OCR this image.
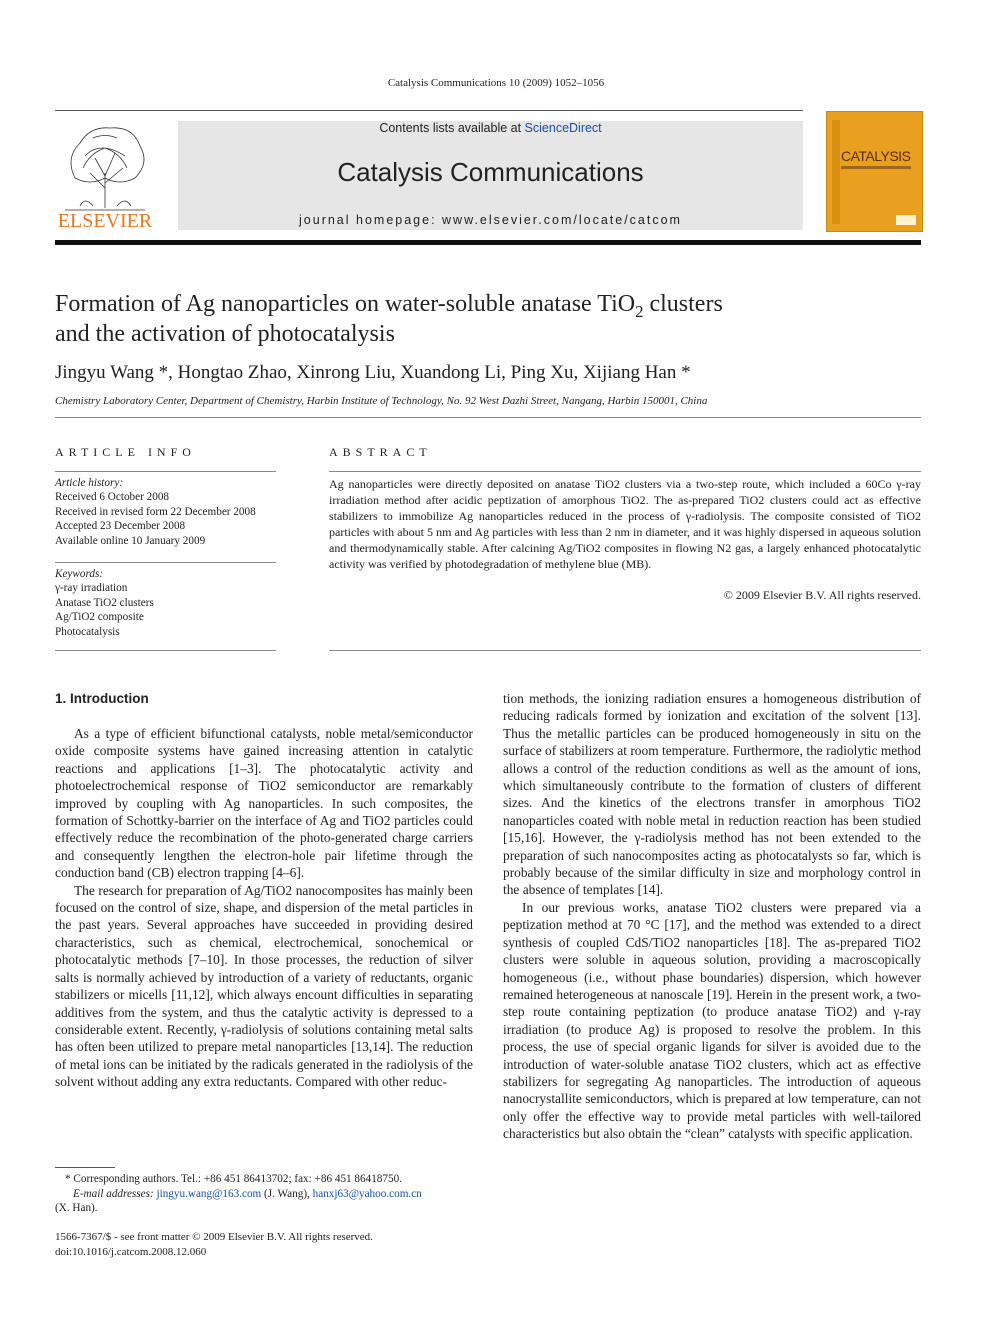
Catalysis Communications 10 (2009) 1052–1056
ELSEVIER
Contents lists available at ScienceDirect
Catalysis Communications
journal homepage: www.elsevier.com/locate/catcom
CATALYSIS
Formation of Ag nanoparticles on water-soluble anatase TiO$_2$ clusters
and the activation of photocatalysis
Jingyu Wang *, Hongtao Zhao, Xinrong Liu, Xuandong Li, Ping Xu, Xijiang Han *
Chemistry Laboratory Center, Department of Chemistry, Harbin Institute of Technology, No. 92 West Dazhi Street, Nangang, Harbin 150001, China
ARTICLE INFO
Article history:
Received 6 October 2008
Received in revised form 22 December 2008
Accepted 23 December 2008
Available online 10 January 2009
Keywords:
γ-ray irradiation
Anatase TiO2 clusters
Ag/TiO2 composite
Photocatalysis
ABSTRACT
Ag nanoparticles were directly deposited on anatase TiO2 clusters via a two-step route, which included a 60Co γ-ray irradiation method after acidic peptization of amorphous TiO2. The as-prepared TiO2 clusters could act as effective stabilizers to immobilize Ag nanoparticles reduced in the process of γ-radiolysis. The composite consisted of TiO2 particles with about 5 nm and Ag particles with less than 2 nm in diameter, and it was highly dispersed in aqueous solution and thermodynamically stable. After calcining Ag/TiO2 composites in flowing N2 gas, a largely enhanced photocatalytic activity was verified by photodegradation of methylene blue (MB).
© 2009 Elsevier B.V. All rights reserved.
1. Introduction

As a type of efficient bifunctional catalysts, noble metal/semiconductor oxide composite systems have gained increasing attention in catalytic reactions and applications [1–3]. The photocatalytic activity and photoelectrochemical response of TiO2 semiconductor are remarkably improved by coupling with Ag nanoparticles. In such composites, the formation of Schottky-barrier on the interface of Ag and TiO2 particles could effectively reduce the recombination of the photo-generated charge carriers and consequently lengthen the electron-hole pair lifetime through the conduction band (CB) electron trapping [4–6].

The research for preparation of Ag/TiO2 nanocomposites has mainly been focused on the control of size, shape, and dispersion of the metal particles in the past years. Several approaches have succeeded in providing desired characteristics, such as chemical, electrochemical, sonochemical or photocatalytic methods [7–10]. In those processes, the reduction of silver salts is normally achieved by introduction of a variety of reductants, organic stabilizers or micells [11,12], which always encount difficulties in separating additives from the system, and thus the catalytic activity is depressed to a considerable extent. Recently, γ-radiolysis of solutions containing metal salts has often been utilized to prepare metal nanoparticles [13,14]. The reduction of metal ions can be initiated by the radicals generated in the radiolysis of the solvent without adding any extra reductants. Compared with other reduc-

tion methods, the ionizing radiation ensures a homogeneous distribution of reducing radicals formed by ionization and excitation of the solvent [13]. Thus the metallic particles can be produced homogeneously in situ on the surface of stabilizers at room temperature. Furthermore, the radiolytic method allows a control of the reduction conditions as well as the amount of ions, which simultaneously contribute to the formation of clusters of different sizes. And the kinetics of the electrons transfer in amorphous TiO2 nanoparticles coated with noble metal in reduction reaction has been studied [15,16]. However, the γ-radiolysis method has not been extended to the preparation of such nanocomposites acting as photocatalysts so far, which is probably because of the similar difficulty in size and morphology control in the absence of templates [14].

In our previous works, anatase TiO2 clusters were prepared via a peptization method at 70 °C [17], and the method was extended to a direct synthesis of coupled CdS/TiO2 nanoparticles [18]. The as-prepared TiO2 clusters were soluble in aqueous solution, providing a macroscopically homogeneous (i.e., without phase boundaries) dispersion, which however remained heterogeneous at nanoscale [19]. Herein in the present work, a two-step route containing peptization (to produce anatase TiO2) and γ-ray irradiation (to produce Ag) is proposed to resolve the problem. In this process, the use of special organic ligands for silver is avoided due to the introduction of water-soluble anatase TiO2 clusters, which act as effective stabilizers for segregating Ag nanoparticles. The introduction of aqueous nanocrystallite semiconductors, which is prepared at low temperature, can not only offer the effective way to provide metal particles with well-tailored characteristics but also obtain the “clean” catalysts with specific application.

* Corresponding authors. Tel.: +86 451 86413702; fax: +86 451 86418750.
E-mail addresses: jingyu.wang@163.com (J. Wang), hanxj63@yahoo.com.cn
(X. Han).
1566-7367/$ - see front matter © 2009 Elsevier B.V. All rights reserved.
doi:10.1016/j.catcom.2008.12.060
